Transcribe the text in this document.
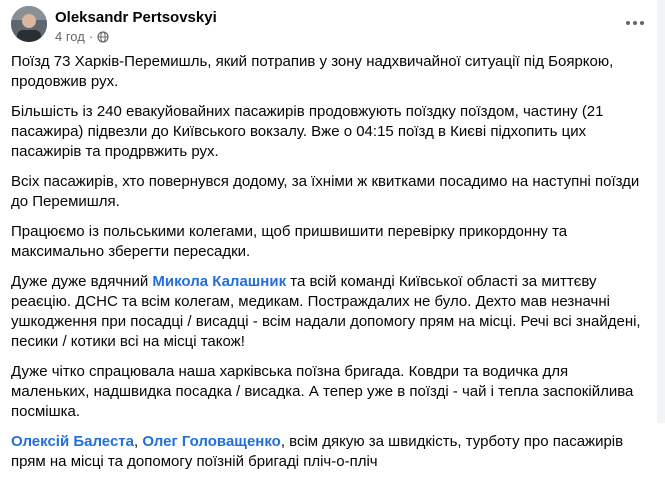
Oleksandr Pertsovskyi
4 год ·

Поїзд 73 Харків-Перемишль, який потрапив у зону надхвичайної ситуації під Бояркою, продовжив рух.

Більшість із 240 евакуйовайних пасажирів продовжують поїздку поїздом, частину (21 пасажира) підвезли до Київського вокзалу. Вже о 04:15 поїзд в Києві підхопить цих пасажирів та продрвжить рух.

Всіх пасажирів, хто повернувся додому, за їхніми ж квитками посадимо на наступні поїзди до Перемишля.

Працюємо із польськими колегами, щоб пришвишити перевірку прикордонну та максимально зберегти пересадки.

Дуже дуже вдячний Микола Калашник та всій команді Київської області за миттєву реаєцію. ДСНС та всім колегам, медикам. Постраждалих не було. Дехто мав незначні ушкодження при посадці / висадці - всім надали допомогу прям на місці. Речі всі знайдені, песики / котики всі на місці також!

Дуже чітко спрацювала наша харківська поїзна бригада. Ковдри та водичка для маленьких, надшвидка посадка / висадка. А тепер уже в поїзді - чай і тепла заспокійлива посмішка.

Олексій Балеста, Олег Головащенко, всім дякую за швидкість, турботу про пасажирів прям на місці та допомогу поїзній бригаді пліч-о-пліч
